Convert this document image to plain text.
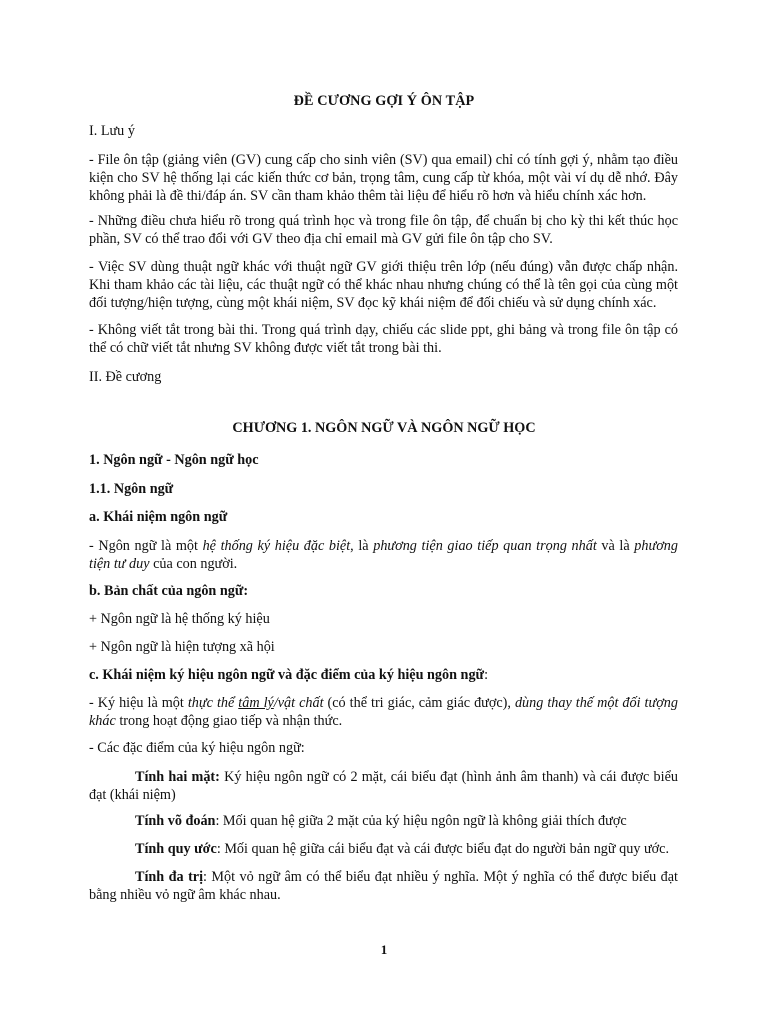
ĐỀ CƯƠNG GỢI Ý ÔN TẬP
I. Lưu ý
- File ôn tập (giảng viên (GV) cung cấp cho sinh viên (SV) qua email) chỉ có tính gợi ý, nhằm tạo điều kiện cho SV hệ thống lại các kiến thức cơ bản, trọng tâm, cung cấp từ khóa, một vài ví dụ dễ nhớ. Đây không phải là đề thi/đáp án. SV cần tham khảo thêm tài liệu để hiểu rõ hơn và hiểu chính xác hơn.
- Những điều chưa hiểu rõ trong quá trình học và trong file ôn tập, để chuẩn bị cho kỳ thi kết thúc học phần, SV có thể trao đổi với GV theo địa chỉ email mà GV gửi file ôn tập cho SV.
- Việc SV dùng thuật ngữ khác với thuật ngữ GV giới thiệu trên lớp (nếu đúng) vẫn được chấp nhận. Khi tham khảo các tài liệu, các thuật ngữ có thể khác nhau nhưng chúng có thể là tên gọi của cùng một đối tượng/hiện tượng, cùng một khái niệm, SV đọc kỹ khái niệm để đối chiếu và sử dụng chính xác.
- Không viết tắt trong bài thi. Trong quá trình dạy, chiếu các slide ppt, ghi bảng và trong file ôn tập có thể có chữ viết tắt nhưng SV không được viết tắt trong bài thi.
II. Đề cương
CHƯƠNG 1. NGÔN NGỮ VÀ NGÔN NGỮ HỌC
1. Ngôn ngữ - Ngôn ngữ học
1.1. Ngôn ngữ
a. Khái niệm ngôn ngữ
- Ngôn ngữ là một hệ thống ký hiệu đặc biệt, là phương tiện giao tiếp quan trọng nhất và là phương tiện tư duy của con người.
b. Bản chất của ngôn ngữ:
+ Ngôn ngữ là hệ thống ký hiệu
+ Ngôn ngữ là hiện tượng xã hội
c. Khái niệm ký hiệu ngôn ngữ và đặc điểm của ký hiệu ngôn ngữ:
- Ký hiệu là một thực thể tâm lý/vật chất (có thể tri giác, cảm giác được), dùng thay thế một đối tượng khác trong hoạt động giao tiếp và nhận thức.
- Các đặc điểm của ký hiệu ngôn ngữ:
Tính hai mặt: Ký hiệu ngôn ngữ có 2 mặt, cái biểu đạt (hình ảnh âm thanh) và cái được biểu đạt (khái niệm)
Tính võ đoán: Mối quan hệ giữa 2 mặt của ký hiệu ngôn ngữ là không giải thích được
Tính quy ước: Mối quan hệ giữa cái biểu đạt và cái được biểu đạt do người bản ngữ quy ước.
Tính đa trị: Một vỏ ngữ âm có thể biểu đạt nhiều ý nghĩa. Một ý nghĩa có thể được biểu đạt bằng nhiều vỏ ngữ âm khác nhau.
1
